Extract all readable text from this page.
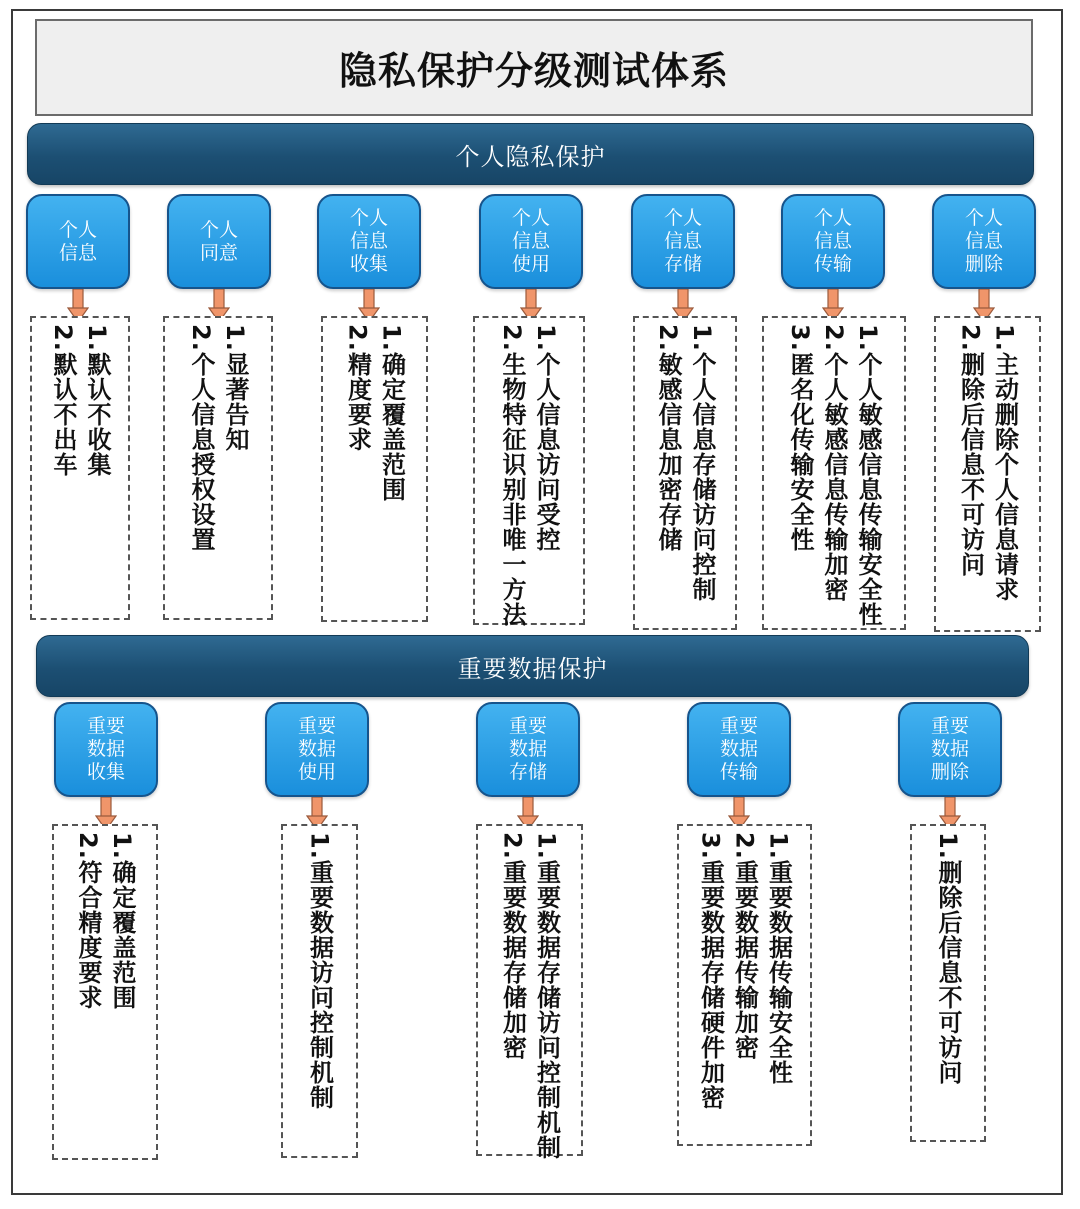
隐私保护分级测试体系
个人隐私保护
个人
信息
1.默认不收集
2.默认不出车
个人
同意
1.显著告知
2.个人信息授权设置
个人
信息
收集
1.确定覆盖范围
2.精度要求
个人
信息
使用
1.个人信息访问受控
2.生物特征识别非唯一方法
个人
信息
存储
1.个人信息存储访问控制
2.敏感信息加密存储
个人
信息
传输
1.个人敏感信息传输安全性
2.个人敏感信息传输加密
3.匿名化传输安全性
个人
信息
删除
1.主动删除个人信息请求
2.删除后信息不可访问
重要数据保护
重要
数据
收集
1.确定覆盖范围
2.符合精度要求
重要
数据
使用
1.重要数据访问控制机制
重要
数据
存储
1.重要数据存储访问控制机制
2.重要数据存储加密
重要
数据
传输
1.重要数据传输安全性
2.重要数据传输加密
3.重要数据存储硬件加密
重要
数据
删除
1.删除后信息不可访问
